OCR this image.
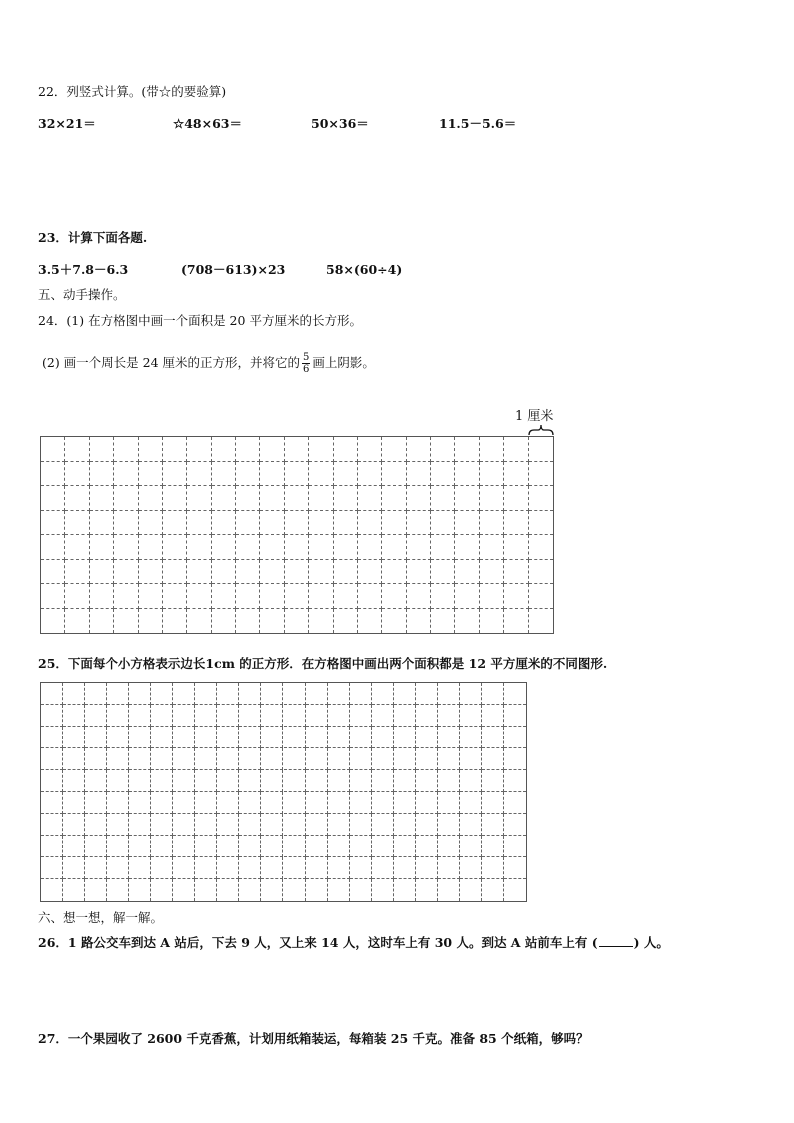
22．列竖式计算。(带☆的要验算)
32×21＝	☆48×63＝	50×36＝	11.5－5.6＝
23．计算下面各题.
3.5＋7.8－6.3	(708－613)×23	58×(60÷4)
五、动手操作。
24．(1) 在方格图中画一个面积是 20 平方厘米的长方形。
(2) 画一个周长是 24 厘米的正方形，并将它的 $\frac{5}{6}$ 画上阴影。
1 厘米
25．下面每个小方格表示边长1cm 的正方形．在方格图中画出两个面积都是 12 平方厘米的不同图形.
六、想一想，解一解。
26．1 路公交车到达 A 站后，下去 9 人，又上来 14 人，这时车上有 30 人。到达 A 站前车上有 (	) 人。
27．一个果园收了 2600 千克香蕉，计划用纸箱装运，每箱装 25 千克。准备 85 个纸箱，够吗？
